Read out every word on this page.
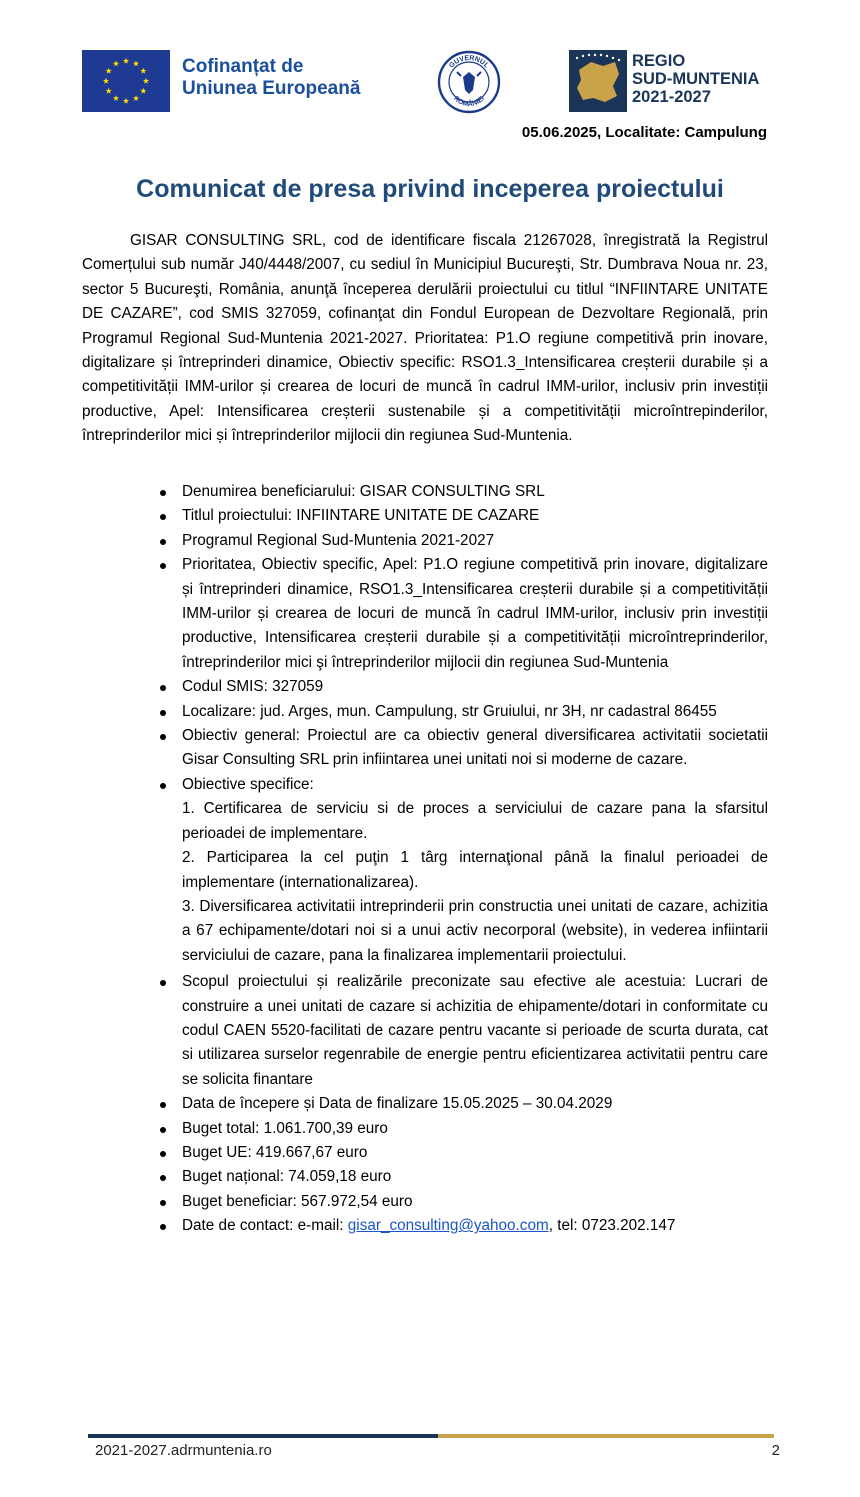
Cofinanțat de
Uniunea Europeană
GUVERNUL
ROMÂNIEI
REGIO
SUD-MUNTENIA
2021-2027
05.06.2025, Localitate: Campulung
Comunicat de presa privind inceperea proiectului

GISAR CONSULTING SRL, cod de identificare fiscala 21267028, înregistrată la Registrul Comerțului sub număr J40/4448/2007, cu sediul în Municipiul Bucureşti, Str. Dumbrava Noua nr. 23, sector 5 Bucureşti, România, anunţă începerea derulării proiectului cu titlul “INFIINTARE UNITATE DE CAZARE”, cod SMIS 327059, cofinanţat din Fondul European de Dezvoltare Regională, prin Programul Regional Sud-Muntenia 2021-2027. Prioritatea: P1.O regiune competitivă prin inovare, digitalizare și întreprinderi dinamice, Obiectiv specific: RSO1.3_Intensificarea creșterii durabile și a competitivității IMM-urilor și crearea de locuri de muncă în cadrul IMM-urilor, inclusiv prin investiții productive, Apel: Intensificarea creșterii sustenabile și a competitivității microîntrepinderilor, întreprinderilor mici și întreprinderilor mijlocii din regiunea Sud-Muntenia.

Denumirea beneficiarului: GISAR CONSULTING SRL
Titlul proiectului: INFIINTARE UNITATE DE CAZARE
Programul Regional Sud-Muntenia 2021-2027
Prioritatea, Obiectiv specific, Apel: P1.O regiune competitivă prin inovare, digitalizare și întreprinderi dinamice, RSO1.3_Intensificarea creșterii durabile și a competitivității IMM-urilor și crearea de locuri de muncă în cadrul IMM-urilor, inclusiv prin investiții productive, Intensificarea creșterii durabile și a competitivității microîntreprinderilor, întreprinderilor mici şi întreprinderilor mijlocii din regiunea Sud-Muntenia
Codul SMIS: 327059
Localizare: jud. Arges, mun. Campulung, str Gruiului, nr 3H, nr cadastral 86455
Obiectiv general: Proiectul are ca obiectiv general diversificarea activitatii societatii Gisar Consulting SRL prin infiintarea unei unitati noi si moderne de cazare.
Obiective specifice:
1. Certificarea de serviciu si de proces a serviciului de cazare pana la sfarsitul perioadei de implementare.
2. Participarea la cel puţin 1 târg internaţional până la finalul perioadei de implementare (internationalizarea).
3. Diversificarea activitatii intreprinderii prin constructia unei unitati de cazare, achizitia a 67 echipamente/dotari noi si a unui activ necorporal (website), in vederea infiintarii serviciului de cazare, pana la finalizarea implementarii proiectului.
Scopul proiectului și realizările preconizate sau efective ale acestuia: Lucrari de construire a unei unitati de cazare si achizitia de ehipamente/dotari in conformitate cu codul CAEN 5520-facilitati de cazare pentru vacante si perioade de scurta durata, cat si utilizarea surselor regenrabile de energie pentru eficientizarea activitatii pentru care se solicita finantare
Data de începere și Data de finalizare 15.05.2025 – 30.04.2029
Buget total: 1.061.700,39 euro
Buget UE: 419.667,67 euro
Buget național: 74.059,18 euro
Buget beneficiar: 567.972,54 euro
Date de contact: e-mail: gisar_consulting@yahoo.com, tel: 0723.202.147
2021-2027.adrmuntenia.ro	2
